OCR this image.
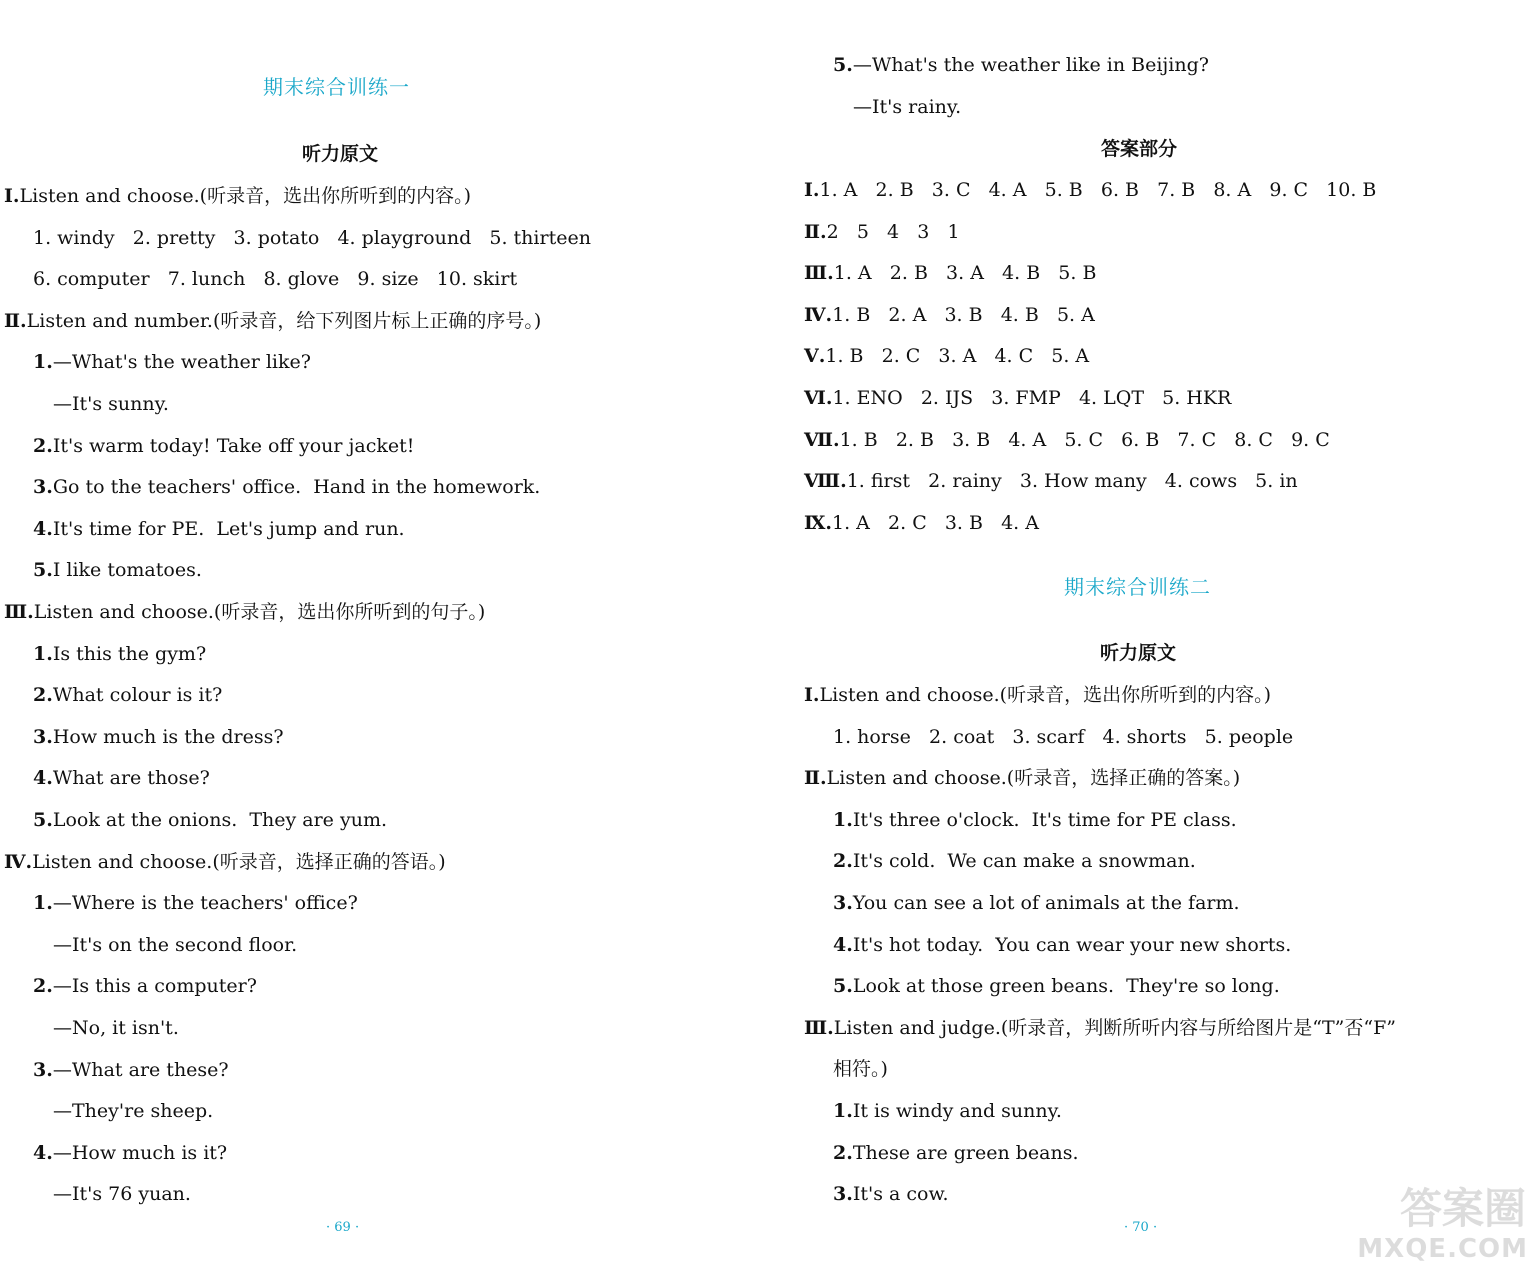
期末综合训练一
听力原文
Ⅰ.Listen and choose.(听录音，选出你所听到的内容。)
1. windy   2. pretty   3. potato   4. playground   5. thirteen
6. computer   7. lunch   8. glove   9. size   10. skirt
Ⅱ.Listen and number.(听录音，给下列图片标上正确的序号。)
1.—What's the weather like?
—It's sunny.
2.It's warm today! Take off your jacket!
3.Go to the teachers' office.  Hand in the homework.
4.It's time for PE.  Let's jump and run.
5.I like tomatoes.
Ⅲ.Listen and choose.(听录音，选出你所听到的句子。)
1.Is this the gym?
2.What colour is it?
3.How much is the dress?
4.What are those?
5.Look at the onions.  They are yum.
Ⅳ.Listen and choose.(听录音，选择正确的答语。)
1.—Where is the teachers' office?
—It's on the second floor.
2.—Is this a computer?
—No, it isn't.
3.—What are these?
—They're sheep.
4.—How much is it?
—It's 76 yuan.
· 69 ·
5.—What's the weather like in Beijing?
—It's rainy.
答案部分
Ⅰ.1. A   2. B   3. C   4. A   5. B   6. B   7. B   8. A   9. C   10. B
Ⅱ.2   5   4   3   1
Ⅲ.1. A   2. B   3. A   4. B   5. B
Ⅳ.1. B   2. A   3. B   4. B   5. A
Ⅴ.1. B   2. C   3. A   4. C   5. A
Ⅵ.1. ENO   2. IJS   3. FMP   4. LQT   5. HKR
Ⅶ.1. B   2. B   3. B   4. A   5. C   6. B   7. C   8. C   9. C
Ⅷ.1. first   2. rainy   3. How many   4. cows   5. in
Ⅸ.1. A   2. C   3. B   4. A
期末综合训练二
听力原文
Ⅰ.Listen and choose.(听录音，选出你所听到的内容。)
1. horse   2. coat   3. scarf   4. shorts   5. people
Ⅱ.Listen and choose.(听录音，选择正确的答案。)
1.It's three o'clock.  It's time for PE class.
2.It's cold.  We can make a snowman.
3.You can see a lot of animals at the farm.
4.It's hot today.  You can wear your new shorts.
5.Look at those green beans.  They're so long.
Ⅲ.Listen and judge.(听录音，判断所听内容与所给图片是“T”否“F”
相符。)
1.It is windy and sunny.
2.These are green beans.
3.It's a cow.
· 70 ·	答案圈
MXQE.COM
